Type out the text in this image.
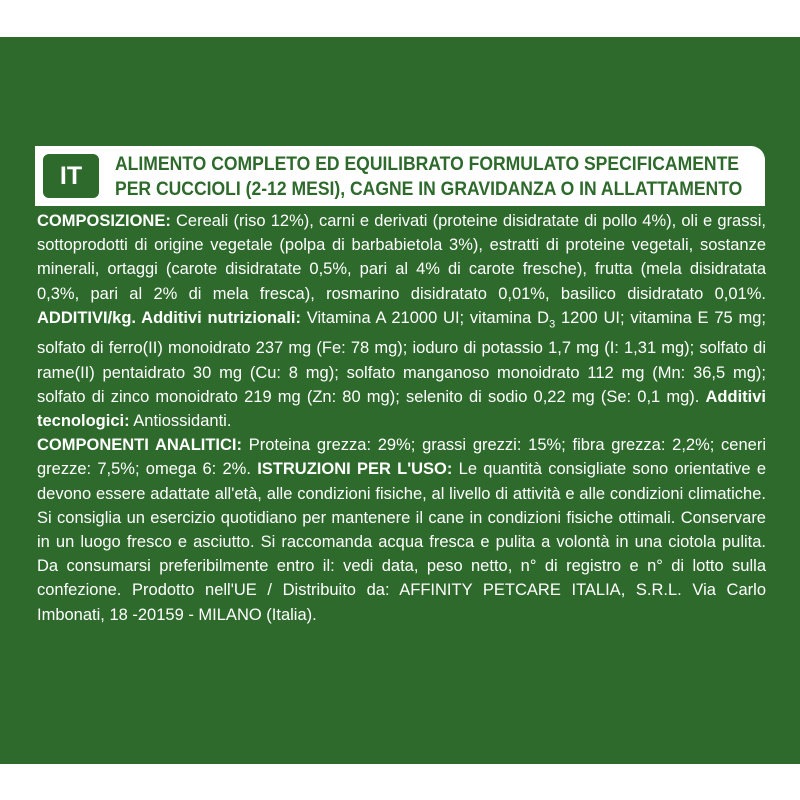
IT	ALIMENTO COMPLETO ED EQUILIBRATO FORMULATO SPECIFICAMENTE
PER CUCCIOLI (2-12 MESI), CAGNE IN GRAVIDANZA O IN ALLATTAMENTO
COMPOSIZIONE: Cereali (riso 12%), carni e derivati (proteine disidratate di pollo 4%), oli e grassi, sottoprodotti di origine vegetale (polpa di barbabietola 3%), estratti di proteine vegetali, sostanze minerali, ortaggi (carote disidratate 0,5%, pari al 4% di carote fresche), frutta (mela disidratata 0,3%, pari al 2% di mela fresca), rosmarino disidratato 0,01%, basilico disidratato 0,01%. ADDITIVI/kg. Additivi nutrizionali: Vitamina A 21000 UI; vitamina $D_3$ 1200 UI; vitamina E 75 mg; solfato di ferro(II) monoidrato 237 mg (Fe: 78 mg); ioduro di potassio 1,7 mg (I: 1,31 mg); solfato di rame(II) pentaidrato 30 mg (Cu: 8 mg); solfato manganoso monoidrato 112 mg (Mn: 36,5 mg); solfato di zinco monoidrato 219 mg (Zn: 80 mg); selenito di sodio 0,22 mg (Se: 0,1 mg). Additivi tecnologici: Antiossidanti.
COMPONENTI ANALITICI: Proteina grezza: 29%; grassi grezzi: 15%; fibra grezza: 2,2%; ceneri grezze: 7,5%; omega 6: 2%. ISTRUZIONI PER L'USO: Le quantità consigliate sono orientative e devono essere adattate all'età, alle condizioni fisiche, al livello di attività e alle condizioni climatiche. Si consiglia un esercizio quotidiano per mantenere il cane in condizioni fisiche ottimali. Conservare in un luogo fresco e asciutto. Si raccomanda acqua fresca e pulita a volontà in una ciotola pulita. Da consumarsi preferibilmente entro il: vedi data, peso netto, n° di registro e n° di lotto sulla confezione. Prodotto nell'UE / Distribuito da: AFFINITY PETCARE ITALIA, S.R.L. Via Carlo Imbonati, 18 -20159 - MILANO (Italia).
